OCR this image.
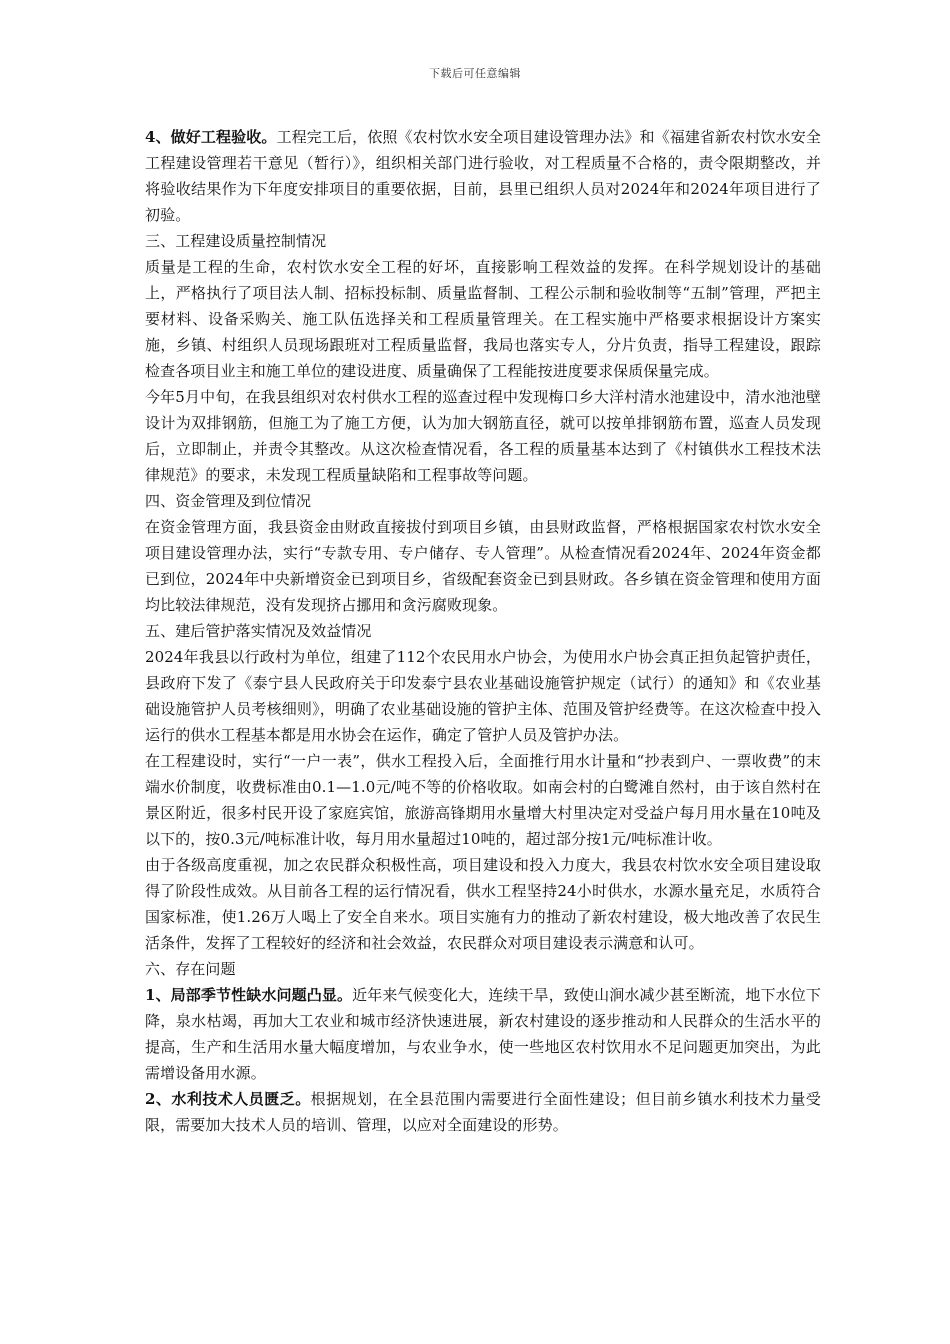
下载后可任意编辑

4、做好工程验收。工程完工后，依照《农村饮水安全项目建设管理办法》和《福建省新农村饮水安全工程建设管理若干意见（暂行）》，组织相关部门进行验收，对工程质量不合格的，责令限期整改，并将验收结果作为下年度安排项目的重要依据，目前，县里已组织人员对2024年和2024年项目进行了初验。

三、工程建设质量控制情况

质量是工程的生命，农村饮水安全工程的好坏，直接影响工程效益的发挥。在科学规划设计的基础上，严格执行了项目法人制、招标投标制、质量监督制、工程公示制和验收制等“五制”管理，严把主要材料、设备采购关、施工队伍选择关和工程质量管理关。在工程实施中严格要求根据设计方案实施，乡镇、村组织人员现场跟班对工程质量监督，我局也落实专人，分片负责，指导工程建设，跟踪检查各项目业主和施工单位的建设进度、质量确保了工程能按进度要求保质保量完成。

今年5月中旬，在我县组织对农村供水工程的巡查过程中发现梅口乡大洋村清水池建设中，清水池池壁设计为双排钢筋，但施工为了施工方便，认为加大钢筋直径，就可以按单排钢筋布置，巡查人员发现后，立即制止，并责令其整改。从这次检查情况看，各工程的质量基本达到了《村镇供水工程技术法律规范》的要求，未发现工程质量缺陷和工程事故等问题。

四、资金管理及到位情况

在资金管理方面，我县资金由财政直接拔付到项目乡镇，由县财政监督，严格根据国家农村饮水安全项目建设管理办法，实行“专款专用、专户储存、专人管理”。从检查情况看2024年、2024年资金都已到位，2024年中央新增资金已到项目乡，省级配套资金已到县财政。各乡镇在资金管理和使用方面均比较法律规范，没有发现挤占挪用和贪污腐败现象。

五、建后管护落实情况及效益情况

2024年我县以行政村为单位，组建了112个农民用水户协会，为使用水户协会真正担负起管护责任，县政府下发了《泰宁县人民政府关于印发泰宁县农业基础设施管护规定（试行）的通知》和《农业基础设施管护人员考核细则》，明确了农业基础设施的管护主体、范围及管护经费等。在这次检查中投入运行的供水工程基本都是用水协会在运作，确定了管护人员及管护办法。

在工程建设时，实行“一户一表”，供水工程投入后，全面推行用水计量和“抄表到户、一票收费”的末端水价制度，收费标准由0.1—1.0元/吨不等的价格收取。如南会村的白鹭滩自然村，由于该自然村在景区附近，很多村民开设了家庭宾馆，旅游高锋期用水量增大村里决定对受益户每月用水量在10吨及以下的，按0.3元/吨标准计收，每月用水量超过10吨的，超过部分按1元/吨标准计收。

由于各级高度重视，加之农民群众积极性高，项目建设和投入力度大，我县农村饮水安全项目建设取得了阶段性成效。从目前各工程的运行情况看，供水工程坚持24小时供水，水源水量充足，水质符合国家标准，使1.26万人喝上了安全自来水。项目实施有力的推动了新农村建设，极大地改善了农民生活条件，发挥了工程较好的经济和社会效益，农民群众对项目建设表示满意和认可。

六、存在问题

1、局部季节性缺水问题凸显。近年来气候变化大，连续干旱，致使山涧水减少甚至断流，地下水位下降，泉水枯竭，再加大工农业和城市经济快速进展，新农村建设的逐步推动和人民群众的生活水平的提高，生产和生活用水量大幅度增加，与农业争水，使一些地区农村饮用水不足问题更加突出，为此需增设备用水源。

2、水利技术人员匮乏。根据规划，在全县范围内需要进行全面性建设；但目前乡镇水利技术力量受限，需要加大技术人员的培训、管理，以应对全面建设的形势。
